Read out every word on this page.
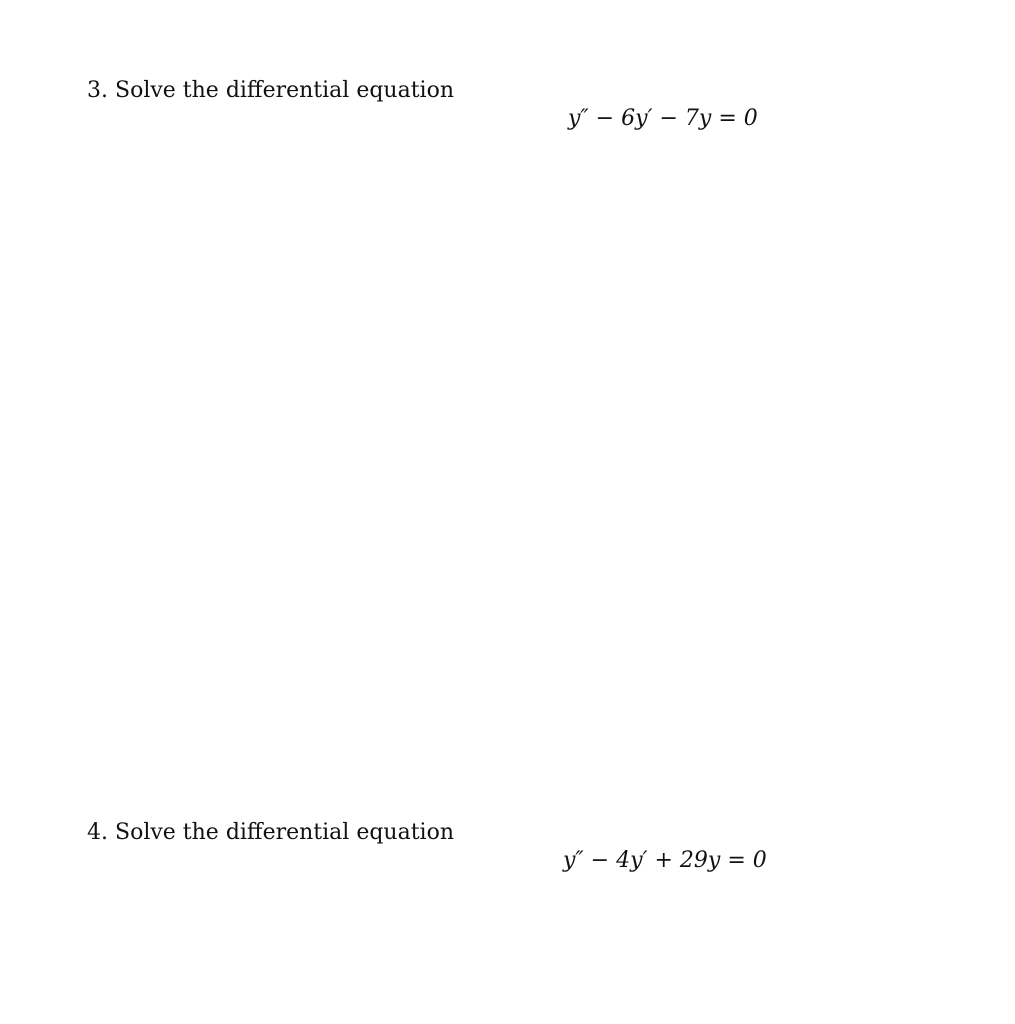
3. Solve the differential equation
y″ − 6y′ − 7y = 0
4. Solve the differential equation
y″ − 4y′ + 29y = 0
